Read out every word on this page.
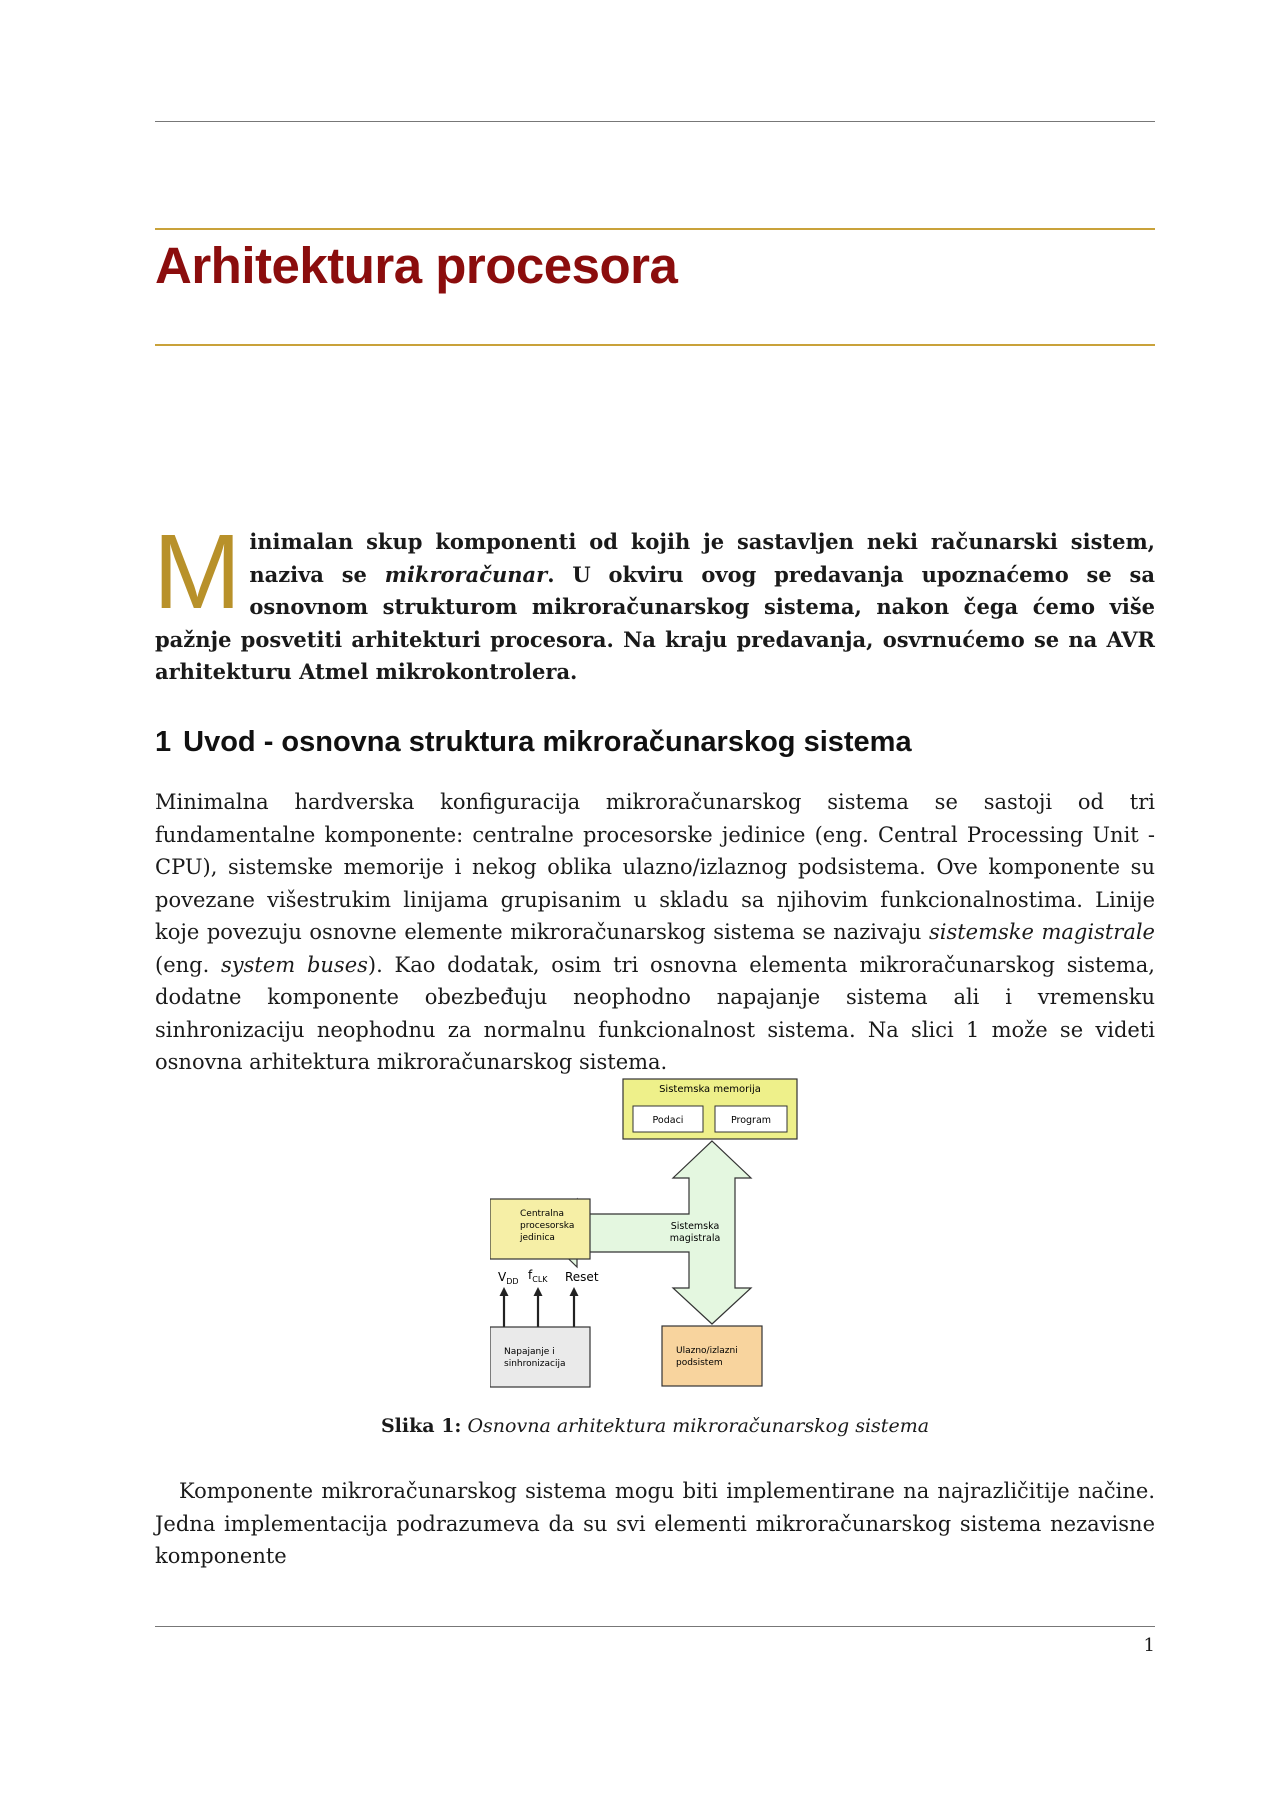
Arhitektura procesora
Minimalan skup komponenti od kojih je sastavljen neki računarski sistem, naziva se mikroračunar. U okviru ovog predavanja upoznaćemo se sa osnovnom strukturom mikroračunarskog sistema, nakon čega ćemo više pažnje posvetiti arhitekturi procesora. Na kraju predavanja, osvrnućemo se na AVR arhitekturu Atmel mikrokontrolera.
1 Uvod - osnovna struktura mikroračunarskog sistema

Minimalna hardverska konfiguracija mikroračunarskog sistema se sastoji od tri fundamentalne komponente: centralne procesorske jedinice (eng. Central Processing Unit - CPU), sistemske memorije i nekog oblika ulazno/izlaznog podsistema. Ove komponente su povezane višestrukim linijama grupisanim u skladu sa njihovim funkcionalnostima. Linije koje povezuju osnovne elemente mikroračunarskog sistema se nazivaju sistemske magistrale (eng. system buses). Kao dodatak, osim tri osnovna elementa mikroračunarskog sistema, dodatne komponente obezbeđuju neophodno napajanje sistema ali i vremensku sinhronizaciju neophodnu za normalnu funkcionalnost sistema. Na slici 1 može se videti osnovna arhitektura mikroračunarskog sistema.

Sistemska memorija
Podaci	Program
Sistemska
magistrala
Centralna
procesorska
jedinica
$V_{DD}$ $f_{CLK}$ Reset
Napajanje i
sinhronizacija
Ulazno/izlazni
podsistem
Slika 1: Osnovna arhitektura mikroračunarskog sistema

Komponente mikroračunarskog sistema mogu biti implementirane na najrazličitije načine. Jedna implementacija podrazumeva da su svi elementi mikroračunarskog sistema nezavisne komponente

1
